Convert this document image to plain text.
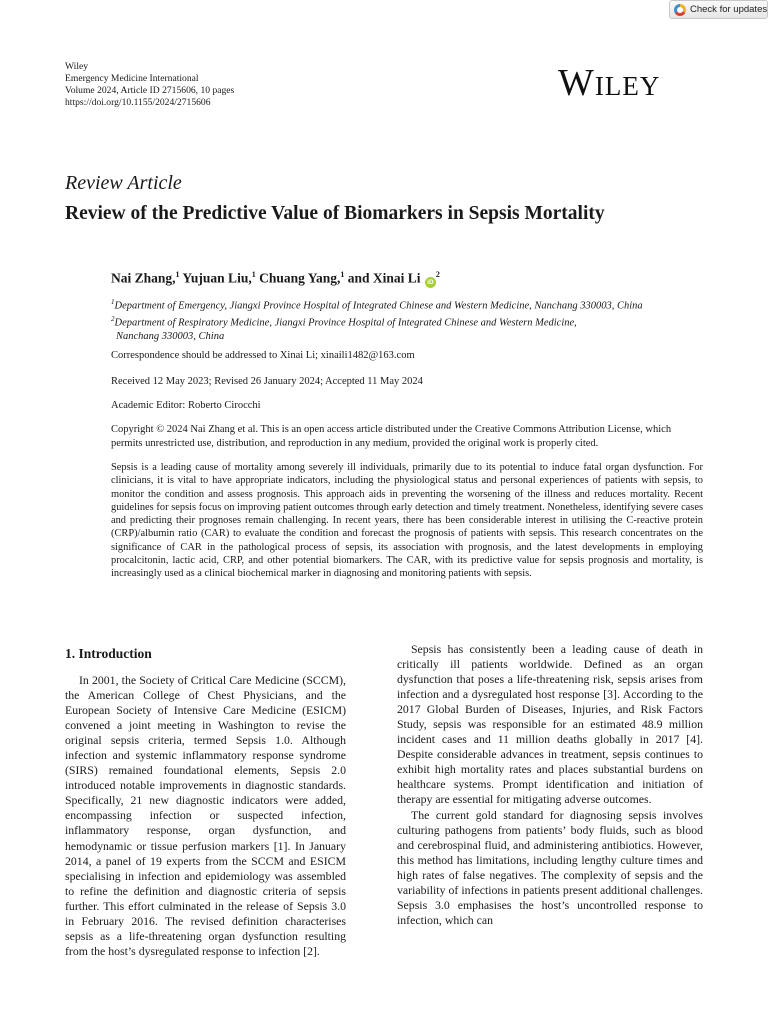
Check for updates
Wiley
Emergency Medicine International
Volume 2024, Article ID 2715606, 10 pages
https://doi.org/10.1155/2024/2715606	Wiley
Review Article
Review of the Predictive Value of Biomarkers in Sepsis Mortality
Nai Zhang,$^1$ Yujuan Liu,$^1$ Chuang Yang,$^1$ and Xinai Li $iD^2$
$^1$Department of Emergency, Jiangxi Province Hospital of Integrated Chinese and Western Medicine, Nanchang 330003, China
$^2$Department of Respiratory Medicine, Jiangxi Province Hospital of Integrated Chinese and Western Medicine,
Nanchang 330003, China
Correspondence should be addressed to Xinai Li; xinaili1482@163.com
Received 12 May 2023; Revised 26 January 2024; Accepted 11 May 2024
Academic Editor: Roberto Cirocchi
Copyright © 2024 Nai Zhang et al. This is an open access article distributed under the Creative Commons Attribution License, which permits unrestricted use, distribution, and reproduction in any medium, provided the original work is properly cited.

Sepsis is a leading cause of mortality among severely ill individuals, primarily due to its potential to induce fatal organ dysfunction. For clinicians, it is vital to have appropriate indicators, including the physiological status and personal experiences of patients with sepsis, to monitor the condition and assess prognosis. This approach aids in preventing the worsening of the illness and reduces mortality. Recent guidelines for sepsis focus on improving patient outcomes through early detection and timely treatment. Nonetheless, identifying severe cases and predicting their prognoses remain challenging. In recent years, there has been considerable interest in utilising the C-reactive protein (CRP)/albumin ratio (CAR) to evaluate the condition and forecast the prognosis of patients with sepsis. This research concentrates on the significance of CAR in the pathological process of sepsis, its association with prognosis, and the latest developments in employing procalcitonin, lactic acid, CRP, and other potential biomarkers. The CAR, with its predictive value for sepsis prognosis and mortality, is increasingly used as a clinical biochemical marker in diagnosing and monitoring patients with sepsis.

1. Introduction

In 2001, the Society of Critical Care Medicine (SCCM), the American College of Chest Physicians, and the European Society of Intensive Care Medicine (ESICM) convened a joint meeting in Washington to revise the original sepsis criteria, termed Sepsis 1.0. Although infection and systemic inflammatory response syndrome (SIRS) remained foundational elements, Sepsis 2.0 introduced notable improvements in diagnostic standards. Specifically, 21 new diagnostic indicators were added, encompassing infection or suspected infection, inflammatory response, organ dysfunction, and hemodynamic or tissue perfusion markers [1]. In January 2014, a panel of 19 experts from the SCCM and ESICM specialising in infection and epidemiology was assembled to refine the definition and diagnostic criteria of sepsis further. This effort culminated in the release of Sepsis 3.0 in February 2016. The revised definition characterises sepsis as a life-threatening organ dysfunction resulting from the host’s dysregulated response to infection [2].

Sepsis has consistently been a leading cause of death in critically ill patients worldwide. Defined as an organ dysfunction that poses a life-threatening risk, sepsis arises from infection and a dysregulated host response [3]. According to the 2017 Global Burden of Diseases, Injuries, and Risk Factors Study, sepsis was responsible for an estimated 48.9 million incident cases and 11 million deaths globally in 2017 [4]. Despite considerable advances in treatment, sepsis continues to exhibit high mortality rates and places substantial burdens on healthcare systems. Prompt identification and initiation of therapy are essential for mitigating adverse outcomes.

The current gold standard for diagnosing sepsis involves culturing pathogens from patients’ body fluids, such as blood and cerebrospinal fluid, and administering antibiotics. However, this method has limitations, including lengthy culture times and high rates of false negatives. The complexity of sepsis and the variability of infections in patients present additional challenges. Sepsis 3.0 emphasises the host’s uncontrolled response to infection, which can
